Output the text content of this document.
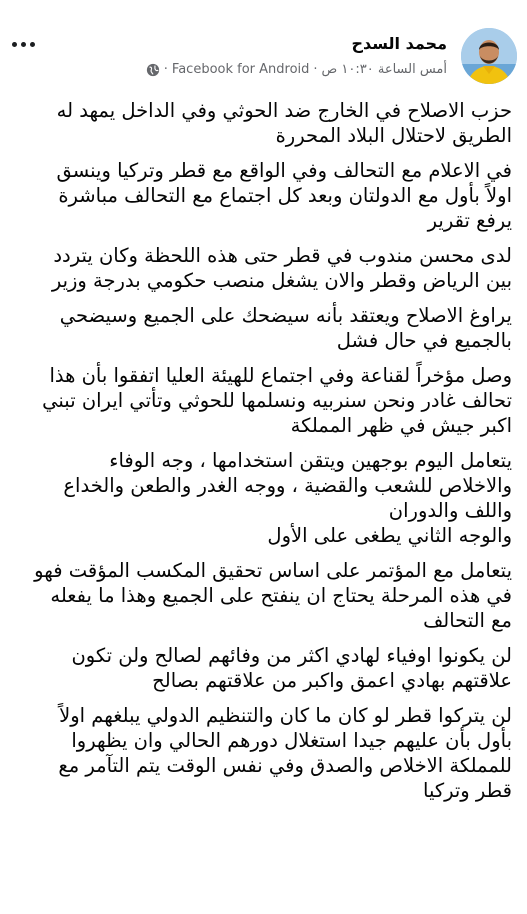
محمد السدح
أمس الساعة ١٠:٣٠ ص
·
Facebook for Android
·

حزب الاصلاح في الخارج ضد الحوثي وفي الداخل يمهد له
الطريق لاحتلال البلاد المحررة

في الاعلام مع التحالف وفي الواقع مع قطر وتركيا وينسق
اولاً بأول مع الدولتان وبعد كل اجتماع مع التحالف مباشرة
يرفع تقرير

لدى محسن مندوب في قطر حتى هذه اللحظة وكان يتردد
بين الرياض وقطر والان يشغل منصب حكومي بدرجة وزير

يراوغ الاصلاح ويعتقد بأنه سيضحك على الجميع وسيضحي
بالجميع في حال فشل

وصل مؤخراً لقناعة وفي اجتماع للهيئة العليا اتفقوا بأن هذا
تحالف غادر ونحن سنربيه ونسلمها للحوثي وتأتي ايران تبني
اكبر جيش في ظهر المملكة

يتعامل اليوم بوجهين ويتقن استخدامها ، وجه الوفاء
والاخلاص للشعب والقضية ، ووجه الغدر والطعن والخداع
واللف والدوران
والوجه الثاني يطغى على الأول

يتعامل مع المؤتمر على اساس تحقيق المكسب المؤقت فهو
في هذه المرحلة يحتاج ان ينفتح على الجميع وهذا ما يفعله
مع التحالف

لن يكونوا اوفياء لهادي اكثر من وفائهم لصالح ولن تكون
علاقتهم بهادي اعمق واكبر من علاقتهم بصالح

لن يتركوا قطر لو كان ما كان والتنظيم الدولي يبلغهم اولاً
بأول بأن عليهم جيدا استغلال دورهم الحالي وان يظهروا
للمملكة الاخلاص والصدق وفي نفس الوقت يتم التآمر مع
قطر وتركيا
